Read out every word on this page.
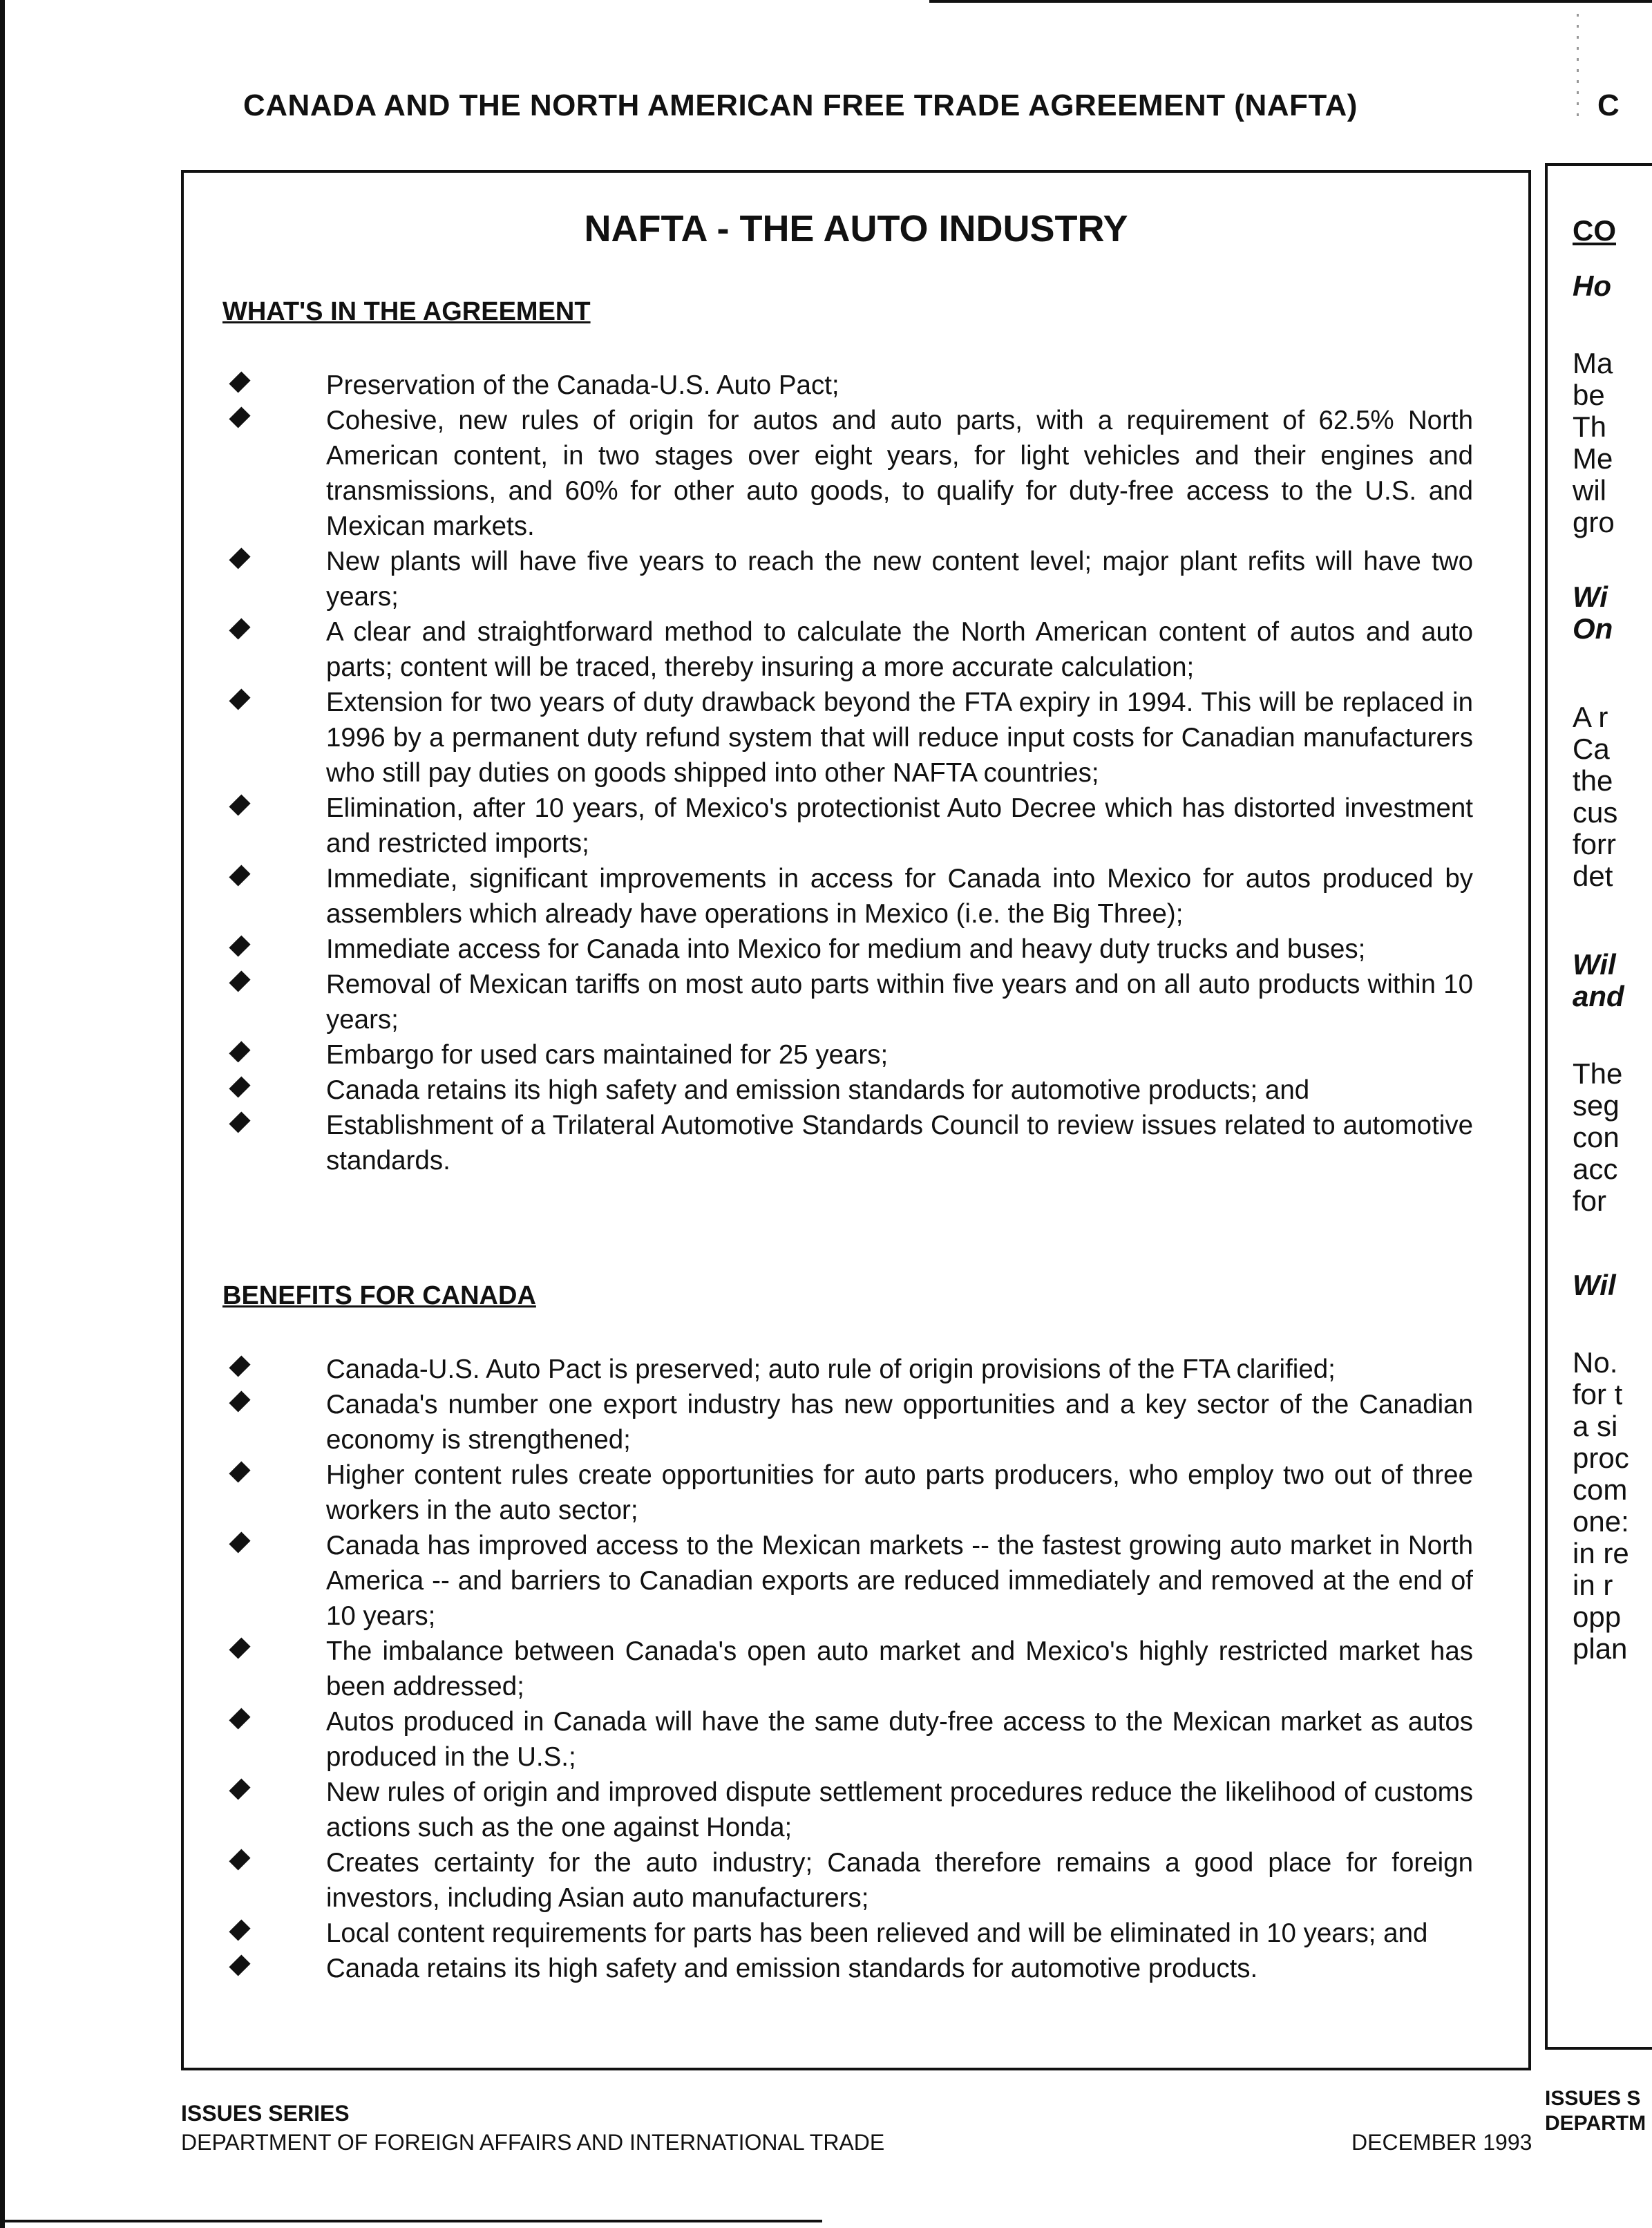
CANADA AND THE NORTH AMERICAN FREE TRADE AGREEMENT (NAFTA)	C
NAFTA - THE AUTO INDUSTRY
WHAT'S IN THE AGREEMENT
Preservation of the Canada-U.S. Auto Pact;
Cohesive, new rules of origin for autos and auto parts, with a requirement of 62.5% North American content, in two stages over eight years, for light vehicles and their engines and transmissions, and 60% for other auto goods, to qualify for duty-free access to the U.S. and Mexican markets.
New plants will have five years to reach the new content level; major plant refits will have two years;
A clear and straightforward method to calculate the North American content of autos and auto parts; content will be traced, thereby insuring a more accurate calculation;
Extension for two years of duty drawback beyond the FTA expiry in 1994. This will be replaced in 1996 by a permanent duty refund system that will reduce input costs for Canadian manufacturers who still pay duties on goods shipped into other NAFTA countries;
Elimination, after 10 years, of Mexico's protectionist Auto Decree which has distorted investment and restricted imports;
Immediate, significant improvements in access for Canada into Mexico for autos produced by assemblers which already have operations in Mexico (i.e. the Big Three);
Immediate access for Canada into Mexico for medium and heavy duty trucks and buses;
Removal of Mexican tariffs on most auto parts within five years and on all auto products within 10 years;
Embargo for used cars maintained for 25 years;
Canada retains its high safety and emission standards for automotive products; and
Establishment of a Trilateral Automotive Standards Council to review issues related to automotive standards.
BENEFITS FOR CANADA
Canada-U.S. Auto Pact is preserved; auto rule of origin provisions of the FTA clarified;
Canada's number one export industry has new opportunities and a key sector of the Canadian economy is strengthened;
Higher content rules create opportunities for auto parts producers, who employ two out of three workers in the auto sector;
Canada has improved access to the Mexican markets -- the fastest growing auto market in North America -- and barriers to Canadian exports are reduced immediately and removed at the end of 10 years;
The imbalance between Canada's open auto market and Mexico's highly restricted market has been addressed;
Autos produced in Canada will have the same duty-free access to the Mexican market as autos produced in the U.S.;
New rules of origin and improved dispute settlement procedures reduce the likelihood of customs actions such as the one against Honda;
Creates certainty for the auto industry; Canada therefore remains a good place for foreign investors, including Asian auto manufacturers;
Local content requirements for parts has been relieved and will be eliminated in 10 years; and
Canada retains its high safety and emission standards for automotive products.
CO
Ho
Ma
be
Th
Me
wil
gro
Wi
On
A r
Ca
the
cus
forr
det
Wil
and
The
seg
con
acc
for
Wil
No.
for t
a si
proc
com
one:
in re
in r
opp
plan
ISSUES SERIES
DEPARTMENT OF FOREIGN AFFAIRS AND INTERNATIONAL TRADE	DECEMBER 1993
ISSUES S
DEPARTM
